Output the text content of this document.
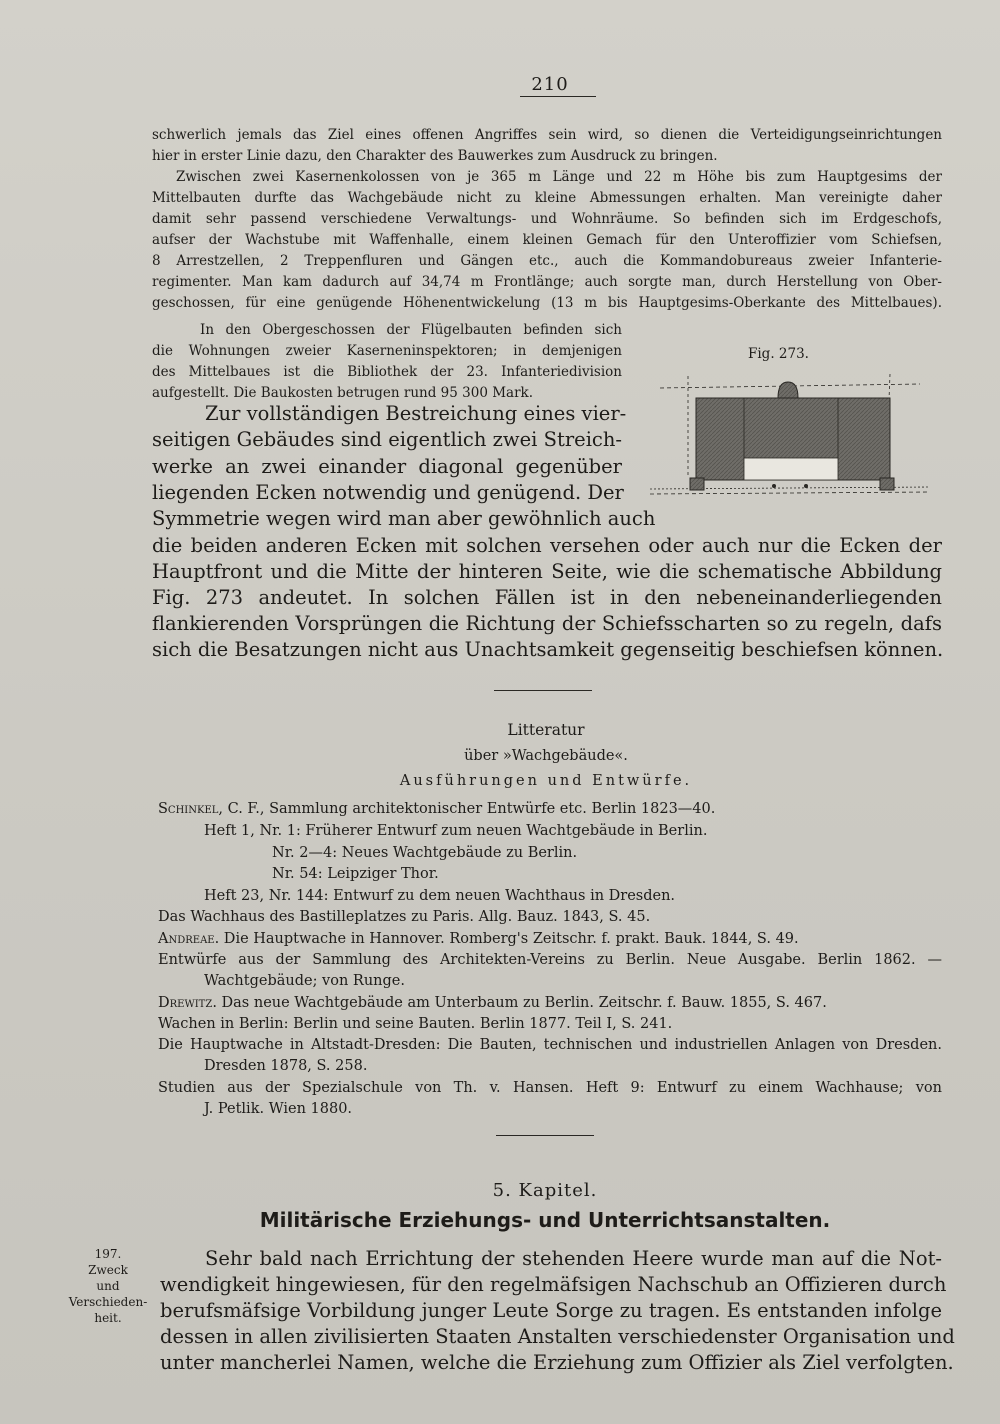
210
schwerlich jemals das Ziel eines offenen Angriffes sein wird, so dienen die Verteidigungseinrichtungen
hier in erster Linie dazu, den Charakter des Bauwerkes zum Ausdruck zu bringen.
Zwischen zwei Kasernenkolossen von je 365 m Länge und 22 m Höhe bis zum Hauptgesims der
Mittelbauten durfte das Wachgebäude nicht zu kleine Abmessungen erhalten. Man vereinigte daher
damit sehr passend verschiedene Verwaltungs- und Wohnräume. So befinden sich im Erdgeschofs,
aufser der Wachstube mit Waffenhalle, einem kleinen Gemach für den Unteroffizier vom Schiefsen,
8 Arrestzellen, 2 Treppenfluren und Gängen etc., auch die Kommandobureaus zweier Infanterie-
regimenter. Man kam dadurch auf 34,74 m Frontlänge; auch sorgte man, durch Herstellung von Ober-
geschossen, für eine genügende Höhenentwickelung (13 m bis Hauptgesims-Oberkante des Mittelbaues).
In den Obergeschossen der Flügelbauten befinden sich
die Wohnungen zweier Kaserneninspektoren; in demjenigen
des Mittelbaues ist die Bibliothek der 23. Infanteriedivision
aufgestellt. Die Baukosten betrugen rund 95 300 Mark.
Fig. 273.
Zur vollständigen Bestreichung eines vier-
seitigen Gebäudes sind eigentlich zwei Streich-
werke an zwei einander diagonal gegenüber
liegenden Ecken notwendig und genügend. Der
Symmetrie wegen wird man aber gewöhnlich auch
die beiden anderen Ecken mit solchen versehen oder auch nur die Ecken der
Hauptfront und die Mitte der hinteren Seite, wie die schematische Abbildung
Fig. 273 andeutet. In solchen Fällen ist in den nebeneinanderliegenden
flankierenden Vorsprüngen die Richtung der Schiefsscharten so zu regeln, dafs
sich die Besatzungen nicht aus Unachtsamkeit gegenseitig beschiefsen können.
Litteratur
über »Wachgebäude«.
Ausführungen und Entwürfe.
Schinkel, C. F., Sammlung architektonischer Entwürfe etc. Berlin 1823—40.
Heft 1, Nr. 1: Früherer Entwurf zum neuen Wachtgebäude in Berlin.
Nr. 2—4: Neues Wachtgebäude zu Berlin.
Nr. 54: Leipziger Thor.
Heft 23, Nr. 144: Entwurf zu dem neuen Wachthaus in Dresden.
Das Wachhaus des Bastilleplatzes zu Paris. Allg. Bauz. 1843, S. 45.
Andreae. Die Hauptwache in Hannover. Romberg's Zeitschr. f. prakt. Bauk. 1844, S. 49.
Entwürfe aus der Sammlung des Architekten-Vereins zu Berlin. Neue Ausgabe. Berlin 1862. —
Wachtgebäude; von Runge.
Drewitz. Das neue Wachtgebäude am Unterbaum zu Berlin. Zeitschr. f. Bauw. 1855, S. 467.
Wachen in Berlin: Berlin und seine Bauten. Berlin 1877. Teil I, S. 241.
Die Hauptwache in Altstadt-Dresden: Die Bauten, technischen und industriellen Anlagen von Dresden.
Dresden 1878, S. 258.
Studien aus der Spezialschule von Th. v. Hansen. Heft 9: Entwurf zu einem Wachhause; von
J. Petlik. Wien 1880.
5. Kapitel.
Militärische Erziehungs- und Unterrichtsanstalten.
197.
Zweck
und
Verschieden-
heit.
Sehr bald nach Errichtung der stehenden Heere wurde man auf die Not-
wendigkeit hingewiesen, für den regelmäfsigen Nachschub an Offizieren durch
berufsmäfsige Vorbildung junger Leute Sorge zu tragen. Es entstanden infolge
dessen in allen zivilisierten Staaten Anstalten verschiedenster Organisation und
unter mancherlei Namen, welche die Erziehung zum Offizier als Ziel verfolgten.
